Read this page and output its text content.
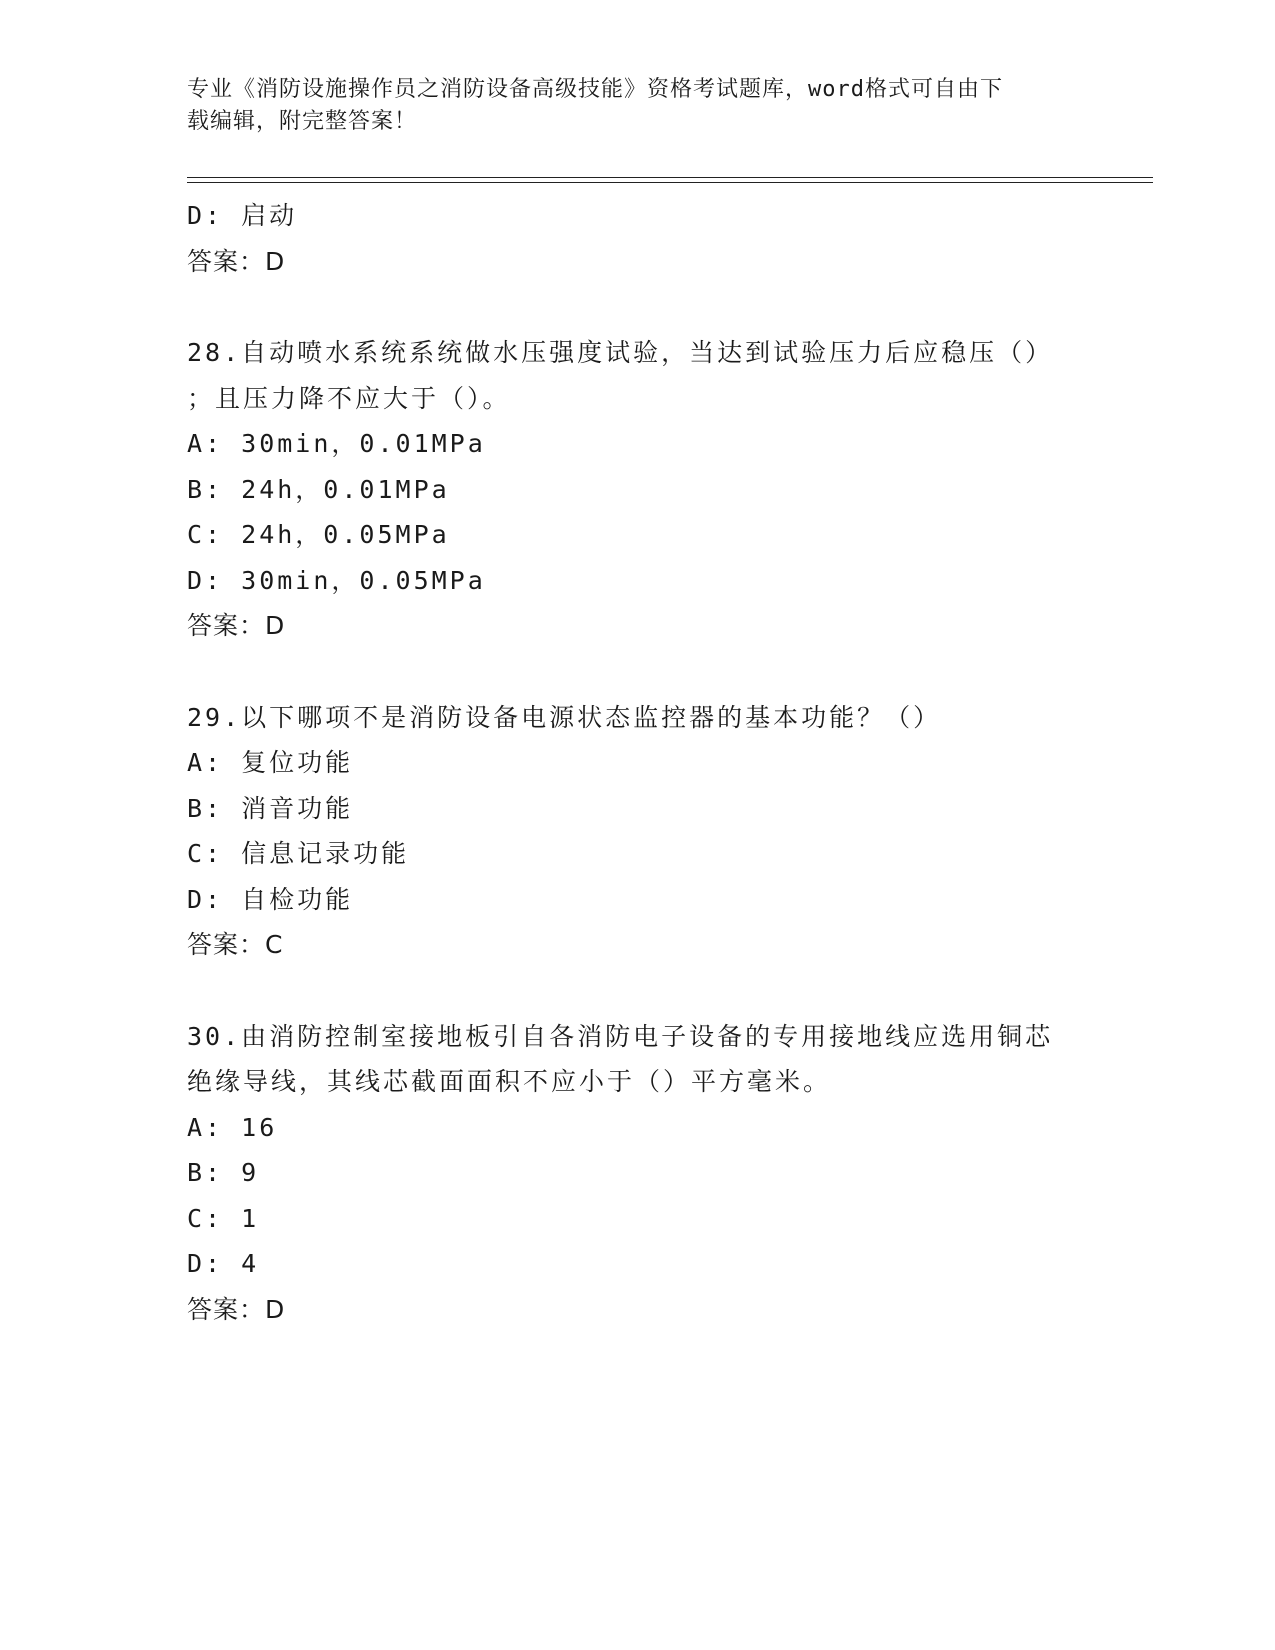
专业《消防设施操作员之消防设备高级技能》资格考试题库，word格式可自由下
载编辑，附完整答案！
D: 启动
答案：D
28.自动喷水系统系统做水压强度试验，当达到试验压力后应稳压（）
；且压力降不应大于（）。
A: 30min，0.01MPa
B: 24h，0.01MPa
C: 24h，0.05MPa
D: 30min，0.05MPa
答案：D
29.以下哪项不是消防设备电源状态监控器的基本功能？（）
A: 复位功能
B: 消音功能
C: 信息记录功能
D: 自检功能
答案：C
30.由消防控制室接地板引自各消防电子设备的专用接地线应选用铜芯
绝缘导线，其线芯截面面积不应小于（）平方毫米。
A: 16
B: 9
C: 1
D: 4
答案：D
